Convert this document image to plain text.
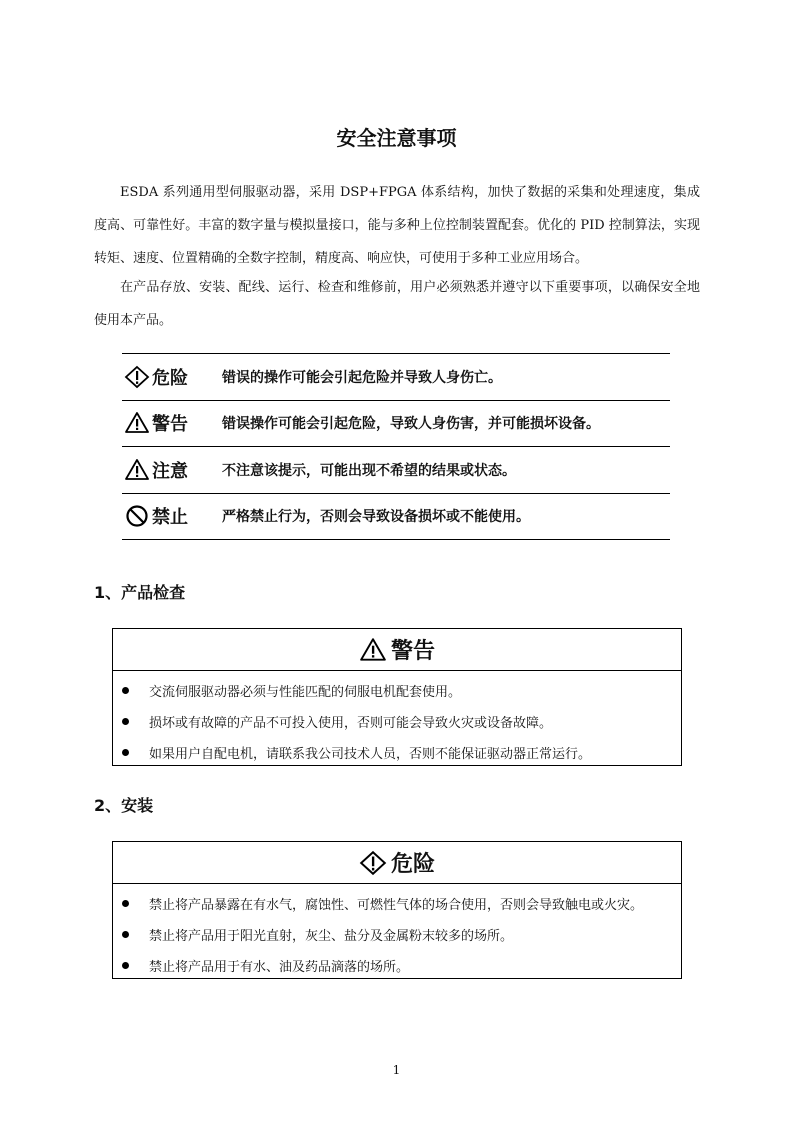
安全注意事项
ESDA 系列通用型伺服驱动器，采用 DSP+FPGA 体系结构，加快了数据的采集和处理速度，集成度高、可靠性好。丰富的数字量与模拟量接口，能与多种上位控制装置配套。优化的 PID 控制算法，实现转矩、速度、位置精确的全数字控制，精度高、响应快，可使用于多种工业应用场合。
在产品存放、安装、配线、运行、检查和维修前，用户必须熟悉并遵守以下重要事项，以确保安全地使用本产品。
危险 错误的操作可能会引起危险并导致人身伤亡。
警告 错误操作可能会引起危险，导致人身伤害，并可能损坏设备。
注意 不注意该提示，可能出现不希望的结果或状态。
禁止 严格禁止行为，否则会导致设备损坏或不能使用。
1、产品检查
警告
交流伺服驱动器必须与性能匹配的伺服电机配套使用。
损坏或有故障的产品不可投入使用，否则可能会导致火灾或设备故障。
如果用户自配电机，请联系我公司技术人员，否则不能保证驱动器正常运行。
2、安装
危险
禁止将产品暴露在有水气，腐蚀性、可燃性气体的场合使用，否则会导致触电或火灾。
禁止将产品用于阳光直射，灰尘、盐分及金属粉末较多的场所。
禁止将产品用于有水、油及药品滴落的场所。
1
